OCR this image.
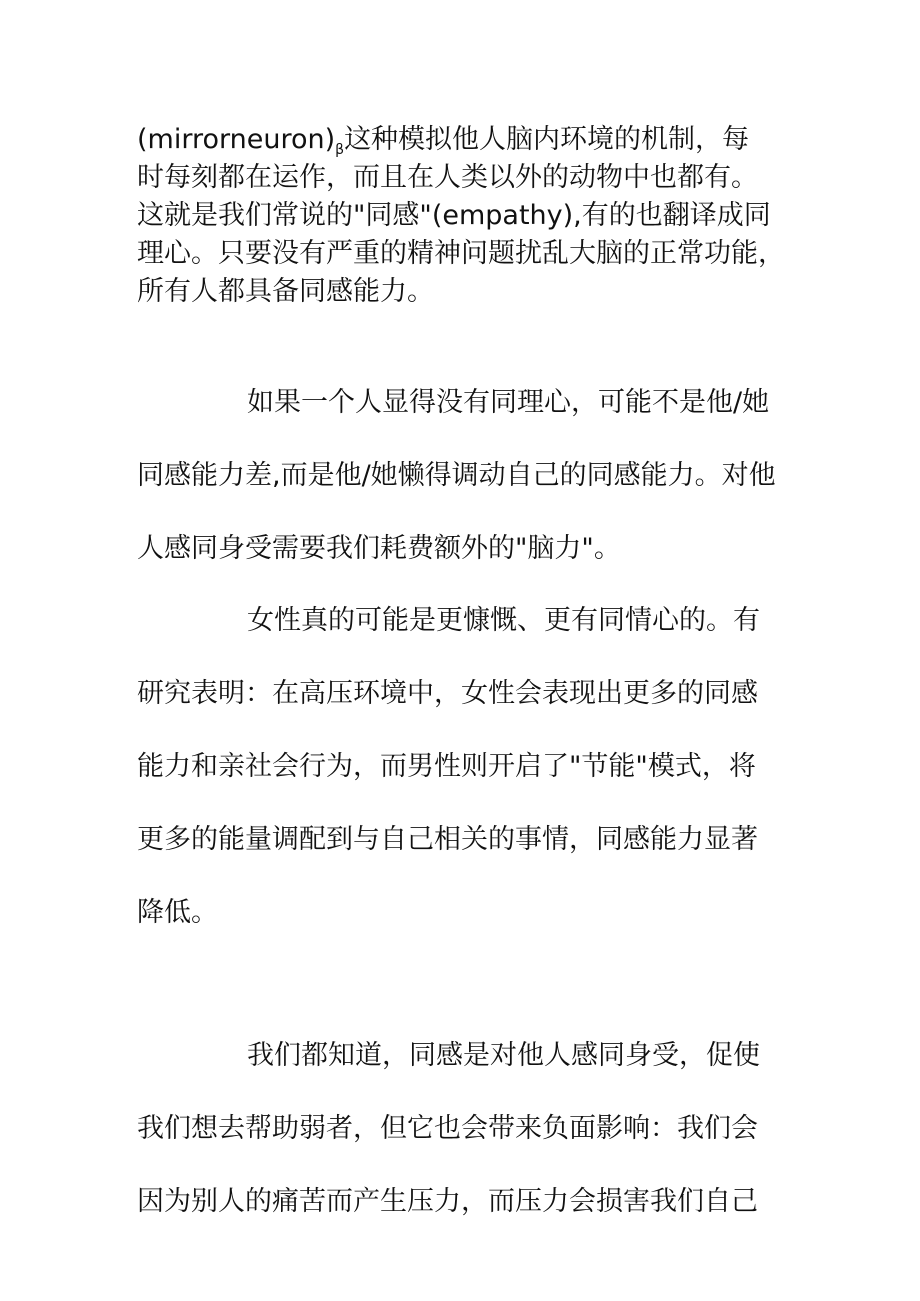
$(mirrorneuron)_\beta$这种模拟他人脑内环境的机制，每
时每刻都在运作，而且在人类以外的动物中也都有。
这就是我们常说的"同感"(empathy),有的也翻译成同
理心。只要没有严重的精神问题扰乱大脑的正常功能，
所有人都具备同感能力。
如果一个人显得没有同理心，可能不是他/她
同感能力差,而是他/她懒得调动自己的同感能力。对他
人感同身受需要我们耗费额外的"脑力"。
女性真的可能是更慷慨、更有同情心的。有
研究表明：在高压环境中，女性会表现出更多的同感
能力和亲社会行为，而男性则开启了"节能"模式，将
更多的能量调配到与自己相关的事情，同感能力显著
降低。
我们都知道，同感是对他人感同身受，促使
我们想去帮助弱者，但它也会带来负面影响：我们会
因为别人的痛苦而产生压力，而压力会损害我们自己
